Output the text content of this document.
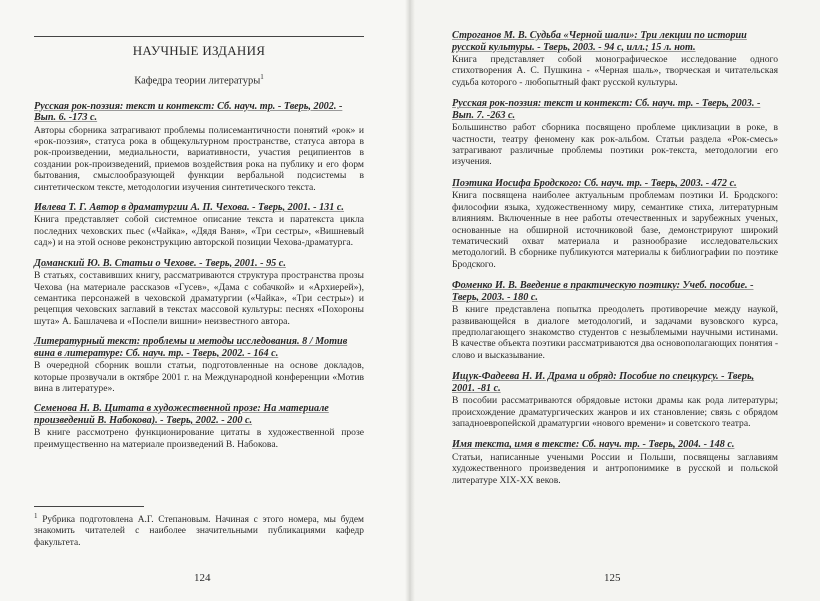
НАУЧНЫЕ ИЗДАНИЯ

Кафедра теории литературы$^1$

Русская рок-поэзия: текст и контекст: Сб. науч. тр. - Тверь, 2002. - Вып. 6. -173 с.

Авторы сборника затрагивают проблемы полисемантичности понятий «рок» и «рок-поэзия», статуса рока в общекультурном пространстве, статуса автора в рок-произведении, медиальности, вариативности, участия реципиентов в создании рок-произведений, приемов воздействия рока на публику и его форм бытования, смыслообразующей функции вербальной подсистемы в синтетическом тексте, методологии изучения синтетического текста.

Ивлева Т. Г. Автор в драматургии А. П. Чехова. - Тверь, 2001. - 131 с.

Книга представляет собой системное описание текста и паратекста цикла последних чеховских пьес («Чайка», «Дядя Ваня», «Три сестры», «Вишневый сад») и на этой основе реконструкцию авторской позиции Чехова-драматурга.

Доманский Ю. В. Статьи о Чехове. - Тверь, 2001. - 95 с.

В статьях, составивших книгу, рассматриваются структура пространства прозы Чехова (на материале рассказов «Гусев», «Дама с собачкой» и «Архиерей»), семантика персонажей в чеховской драматургии («Чайка», «Три сестры») и рецепция чеховских заглавий в текстах массовой культуры: песнях «Похороны шута» А. Башлачева и «Поспели вишни» неизвестного автора.

Литературный текст: проблемы и методы исследования. 8 / Мотив вина в литературе: Сб. науч. тр. - Тверь, 2002. - 164 с.

В очередной сборник вошли статьи, подготовленные на основе докладов, которые прозвучали в октябре 2001 г. на Международной конференции «Мотив вина в литературе».

Семенова Н. В. Цитата в художественной прозе: На материале произведений В. Набокова). - Тверь, 2002. - 200 с.

В книге рассмотрено функционирование цитаты в художественной прозе преимущественно на материале произведений В. Набокова.

$^1$ Рубрика подготовлена А.Г. Степановым. Начиная с этого номера, мы будем знакомить читателей с наиболее значительными публикациями кафедр факультета.

124

Строганов М. В. Судьба «Черной шали»: Три лекции по истории русской культуры. - Тверь, 2003. - 94 с, илл.; 15 л. нот.

Книга представляет собой монографическое исследование одного стихотворения А. С. Пушкина - «Черная шаль», творческая и читательская судьба которого - любопытный факт русской культуры.

Русская рок-поэзия: текст и контекст: Сб. науч. тр. - Тверь, 2003. - Вып. 7. -263 с.

Большинство работ сборника посвящено проблеме циклизации в роке, в частности, театру феномену как рок-альбом. Статьи раздела «Рок-смесь» затрагивают различные проблемы поэтики рок-текста, методологии его изучения.

Поэтика Иосифа Бродского: Сб. науч. тр. - Тверь, 2003. - 472 с.

Книга посвящена наиболее актуальным проблемам поэтики И. Бродского: философии языка, художественному миру, семантике стиха, литературным влияниям. Включенные в нее работы отечественных и зарубежных ученых, основанные на обширной источниковой базе, демонстрируют широкий тематический охват материала и разнообразие исследовательских методологий. В сборнике публикуются материалы к библиографии по поэтике Бродского.

Фоменко И. В. Введение в практическую поэтику: Учеб. пособие. - Тверь, 2003. - 180 с.

В книге представлена попытка преодолеть противоречие между наукой, развивающейся в диалоге методологий, и задачами вузовского курса, предполагающего знакомство студентов с незыблемыми научными истинами. В качестве объекта поэтики рассматриваются два основополагающих понятия - слово и высказывание.

Ищук-Фадеева Н. И. Драма и обряд: Пособие по спецкурсу. - Тверь, 2001. -81 с.

В пособии рассматриваются обрядовые истоки драмы как рода литературы; происхождение драматургических жанров и их становление; связь с обрядом западноевропейской драматургии «нового времени» и советского театра.

Имя текста, имя в тексте: Сб. науч. тр. - Тверь, 2004. - 148 с.

Статьи, написанные учеными России и Польши, посвящены заглавиям художественного произведения и антропонимике в русской и польской литературе XIX-XX веков.

125
